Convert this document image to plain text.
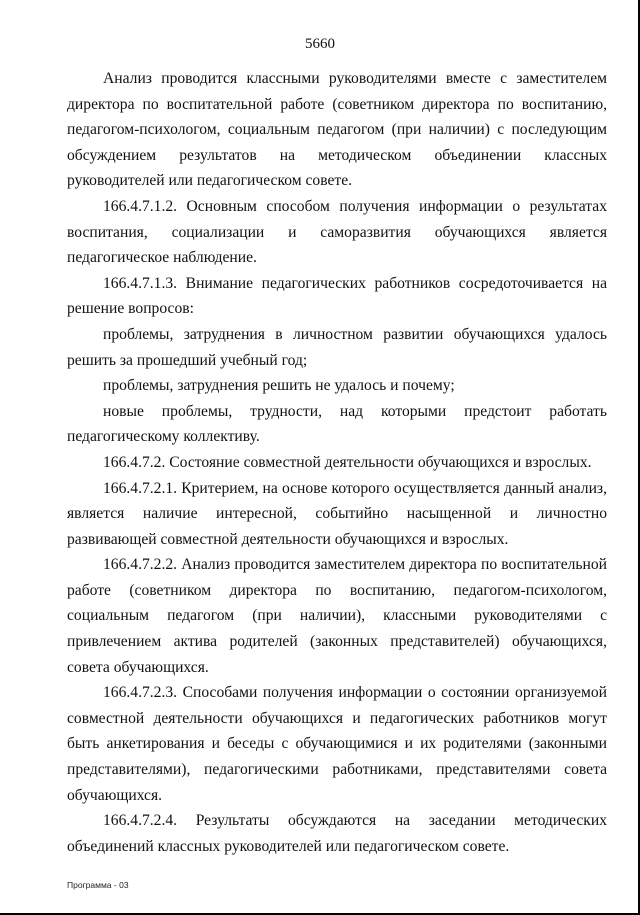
5660

Анализ проводится классными руководителями вместе с заместителем директора по воспитательной работе (советником директора по воспитанию, педагогом-психологом, социальным педагогом (при наличии) с последующим обсуждением результатов на методическом объединении классных руководителей или педагогическом совете.

166.4.7.1.2. Основным способом получения информации о результатах воспитания, социализации и саморазвития обучающихся является педагогическое наблюдение.

166.4.7.1.3. Внимание педагогических работников сосредоточивается на решение вопросов:

проблемы, затруднения в личностном развитии обучающихся удалось решить за прошедший учебный год;

проблемы, затруднения решить не удалось и почему;

новые проблемы, трудности, над которыми предстоит работать педагогическому коллективу.

166.4.7.2. Состояние совместной деятельности обучающихся и взрослых.

166.4.7.2.1. Критерием, на основе которого осуществляется данный анализ, является наличие интересной, событийно насыщенной и личностно развивающей совместной деятельности обучающихся и взрослых.

166.4.7.2.2. Анализ проводится заместителем директора по воспитательной работе (советником директора по воспитанию, педагогом-психологом, социальным педагогом (при наличии), классными руководителями с привлечением актива родителей (законных представителей) обучающихся, совета обучающихся.

166.4.7.2.3. Способами получения информации о состоянии организуемой совместной деятельности обучающихся и педагогических работников могут быть анкетирования и беседы с обучающимися и их родителями (законными представителями), педагогическими работниками, представителями совета обучающихся.

166.4.7.2.4. Результаты обсуждаются на заседании методических объединений классных руководителей или педагогическом совете.

Программа - 03
